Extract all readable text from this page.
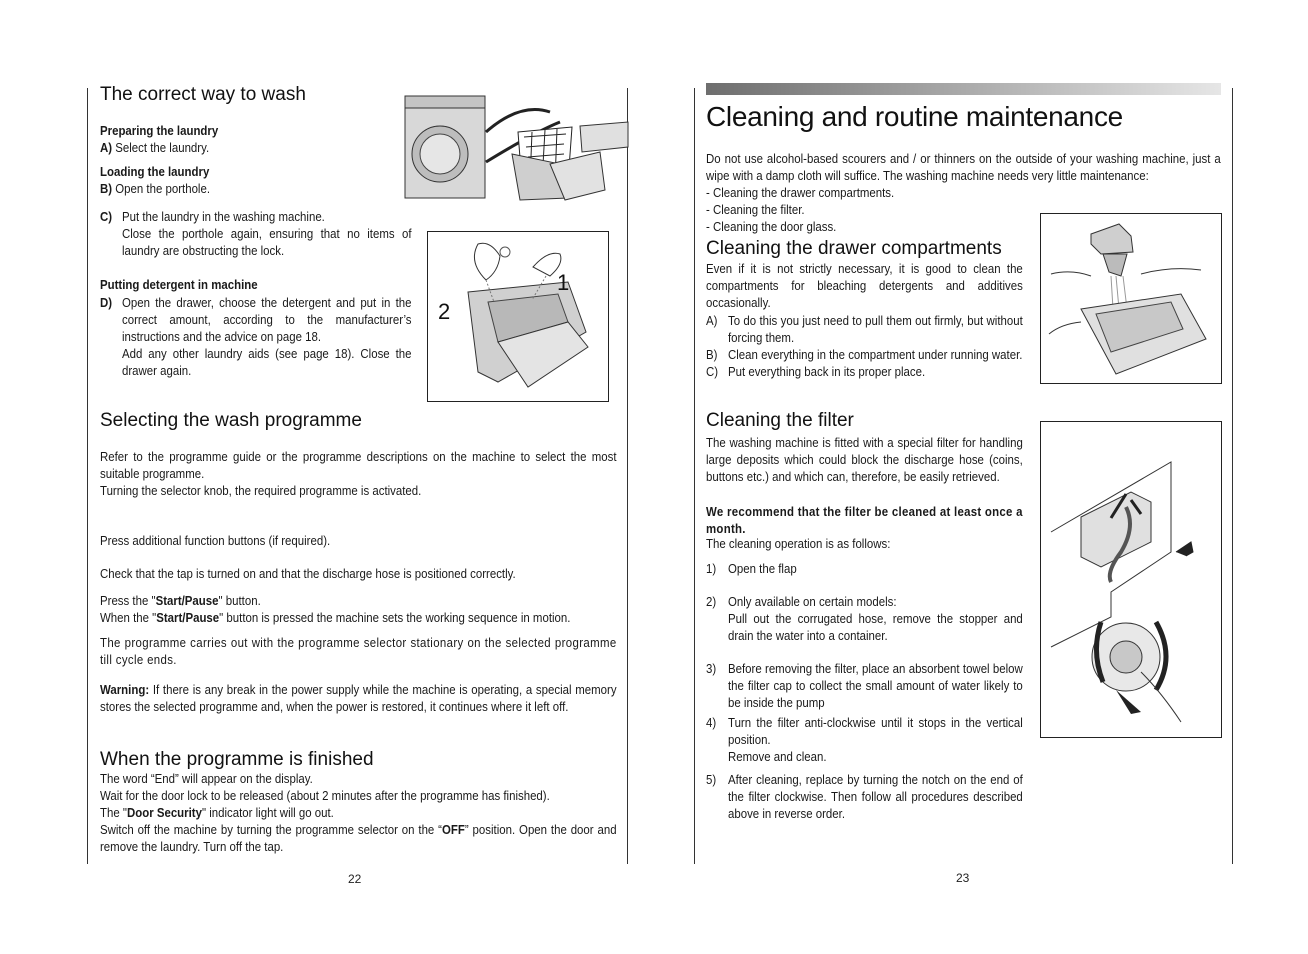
The correct way to wash
Preparing the laundry
A) Select the laundry.
Loading the laundry
B) Open the porthole.
C) Put the laundry in the washing machine.
Close the porthole again, ensuring that no items of laundry are obstructing the lock.
1
2
Putting detergent in machine
D) Open the drawer, choose the detergent and put in the correct amount, according to the manufacturer’s instructions and the advice on page 18.
Add any other laundry aids (see page 18). Close the drawer again.
Selecting the wash programme
Refer to the programme guide or the programme descriptions on the machine to select the most suitable programme.
Turning the selector knob, the required programme is activated.
Press additional function buttons (if required).
Check that the tap is turned on and that the discharge hose is positioned correctly.
Press the "Start/Pause" button.
When the "Start/Pause" button is pressed the machine sets the working sequence in motion.
The programme carries out with the programme selector stationary on the selected programme till cycle ends.
Warning: If there is any break in the power supply while the machine is operating, a special memory stores the selected programme and, when the power is restored, it continues where it left off.
When the programme is finished
The word “End” will appear on the display.
Wait for the door lock to be released (about 2 minutes after the programme has finished).
The "Door Security" indicator light will go out.
Switch off the machine by turning the programme selector on the “OFF” position. Open the door and remove the laundry. Turn off the tap.
22
Cleaning and routine maintenance
Do not use alcohol-based scourers and / or thinners on the outside of your washing machine, just a wipe with a damp cloth will suffice. The washing machine needs very little maintenance:
- Cleaning the drawer compartments.
- Cleaning the filter.
- Cleaning the door glass.
Cleaning the drawer compartments
Even if it is not strictly necessary, it is good to clean the compartments for bleaching detergents and additives occasionally.
A) To do this you just need to pull them out firmly, but without forcing them.
B) Clean everything in the compartment under running water.
C) Put everything back in its proper place.
Cleaning the filter
The washing machine is fitted with a special filter for handling large deposits which could block the discharge hose (coins, buttons etc.) and which can, therefore, be easily retrieved.
We recommend that the filter be cleaned at least once a month.
The cleaning operation is as follows:
1) Open the flap
2) Only available on certain models:
Pull out the corrugated hose, remove the stopper and drain the water into a container.
3) Before removing the filter, place an absorbent towel below the filter cap to collect the small amount of water likely to be inside the pump
4) Turn the filter anti-clockwise until it stops in the vertical position.
Remove and clean.
5) After cleaning, replace by turning the notch on the end of the filter clockwise. Then follow all procedures described above in reverse order.
23
